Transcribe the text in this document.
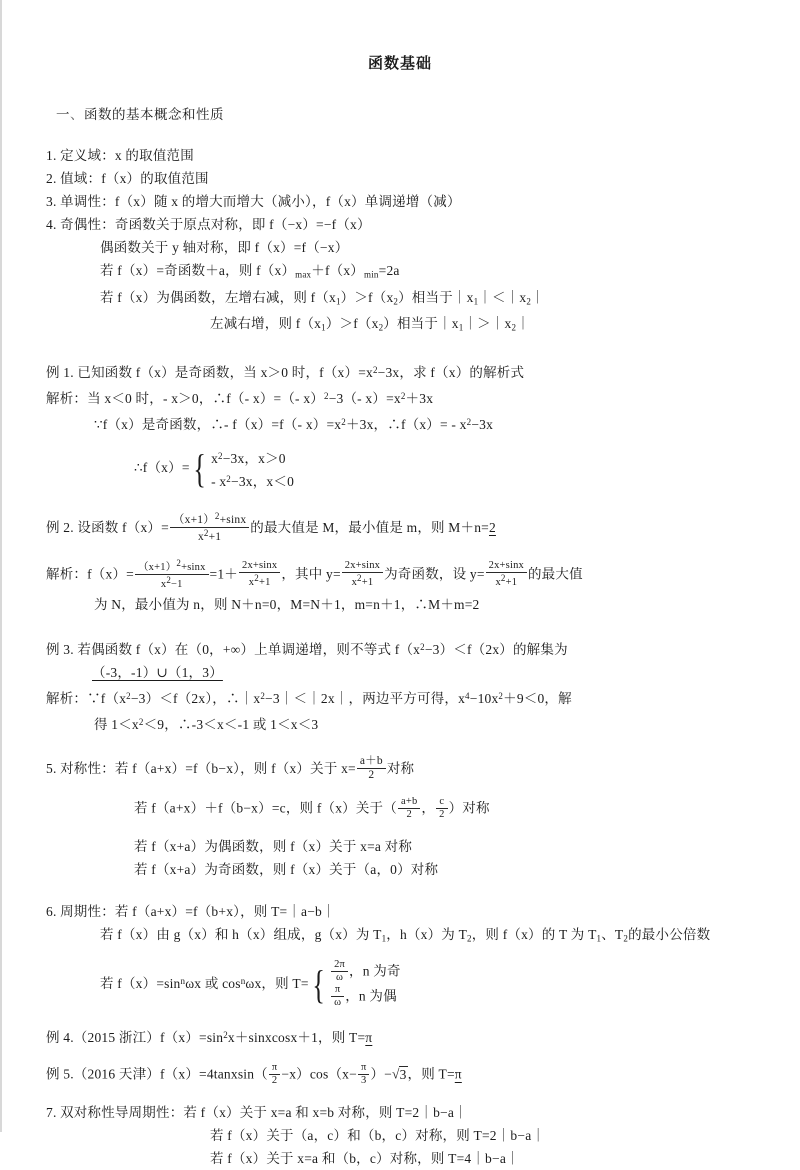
函数基础
一、函数的基本概念和性质
1. 定义域：x 的取值范围
2. 值域：f（x）的取值范围
3. 单调性：f（x）随 x 的增大而增大（减小），f（x）单调递增（减）
4. 奇偶性：奇函数关于原点对称，即 f（−x）=−f（x）
偶函数关于 y 轴对称，即 f（x）=f（−x）
若 f（x）=奇函数＋a，则 $f(x)_{max}+f(x)_{min}=2a$
若 f（x）为偶函数，左增右减，则 $f(x_1)>f(x_2)$相当于$|x_1|<|x_2|$
左减右增，则 $f(x_1)>f(x_2)$相当于$|x_1|>|x_2|$
例 1. 已知函数 f（x）是奇函数，当 x＞0 时，$f(x)=x^2-3x$，求 f（x）的解析式
解析：当 x＜0 时，- x＞0，∴f（- x）=（- x）$^2$−3（- $x)=x^2+3x$
∵f（x）是奇函数，∴- f（x）=f（- $x)=x^2+3x$，∴f（x）= - $x^2-3x$
∴f（x）= { $x^2-3x$，x＞0
- $x^2-3x$，x＜0
例 2. 设函数 $f(x)= \frac{(x+1)^2+\sin x}{x^2+1}$ 的最大值是 M，最小值是 m，则 M＋n=2
解析：$f(x)= \frac{(x+1)^2+\sin x}{x^2-1} =1+ \frac{2x+\sin x}{x^2+1}$ ，其中 $y= \frac{2x+\sin x}{x^2+1}$ 为奇函数，设 $y= \frac{2x+\sin x}{x^2+1}$ 的最大值
为 N，最小值为 n，则 N＋n=0，M=N＋1，m=n＋1，∴M＋m=2
例 3. 若偶函数 f（x）在（0，+∞）上单调递增，则不等式 $f(x^2-3)<f(2x)$的解集为
（-3，-1）∪（1，3）
解析：$\because f(x^2-3)<f(2x)$，$\therefore|x^2-3|<|2x|$，两边平方可得，$x^4-10x^2+9<0$，解
得 $1<x^2<9$，∴-3＜x＜-1 或 1＜x＜3
5. 对称性：若 f（a+x）=f（b−x），则 f（x）关于 $x= \frac{a+b}{2}$ 对称
若 f（a+x）＋f（b−x）=c，则 f（x）关于（ $\frac{a+b}{2}$ ， $\frac{c}{2}$ ）对称
若 f（x+a）为偶函数，则 f（x）关于 x=a 对称
若 f（x+a）为奇函数，则 f（x）关于（a，0）对称
6. 周期性：若 f（a+x）=f（b+x），则 T=｜a−b｜
若 f（x）由 g（x）和 h（x）组成，g（x）为 $T_1$，h（x）为 $T_2$，则 f（x）的 T 为 $T_1$、$T_2$的最小公倍数
若 $f(x)=\sin^n\omega x$ 或 $\cos^n\omega x$，则 T= { $\frac{2\pi}{\omega}$ ，n 为奇
$\frac{\pi}{\omega}$ ，n 为偶
例 4.（2015 浙江）$f(x)=\sin^2x+sinxcosx+1$，则 T=π
例 5.（2016 天津）f（x）=4tanxsin（ $\frac{\pi}{2} -x)\cos(x- \frac{\pi}{3} )-√3$，则 T=π
7. 双对称性导周期性：若 f（x）关于 x=a 和 x=b 对称，则 T=2｜b−a｜
若 f（x）关于（a，c）和（b，c）对称，则 T=2｜b−a｜
若 f（x）关于 x=a 和（b，c）对称，则 T=4｜b−a｜
